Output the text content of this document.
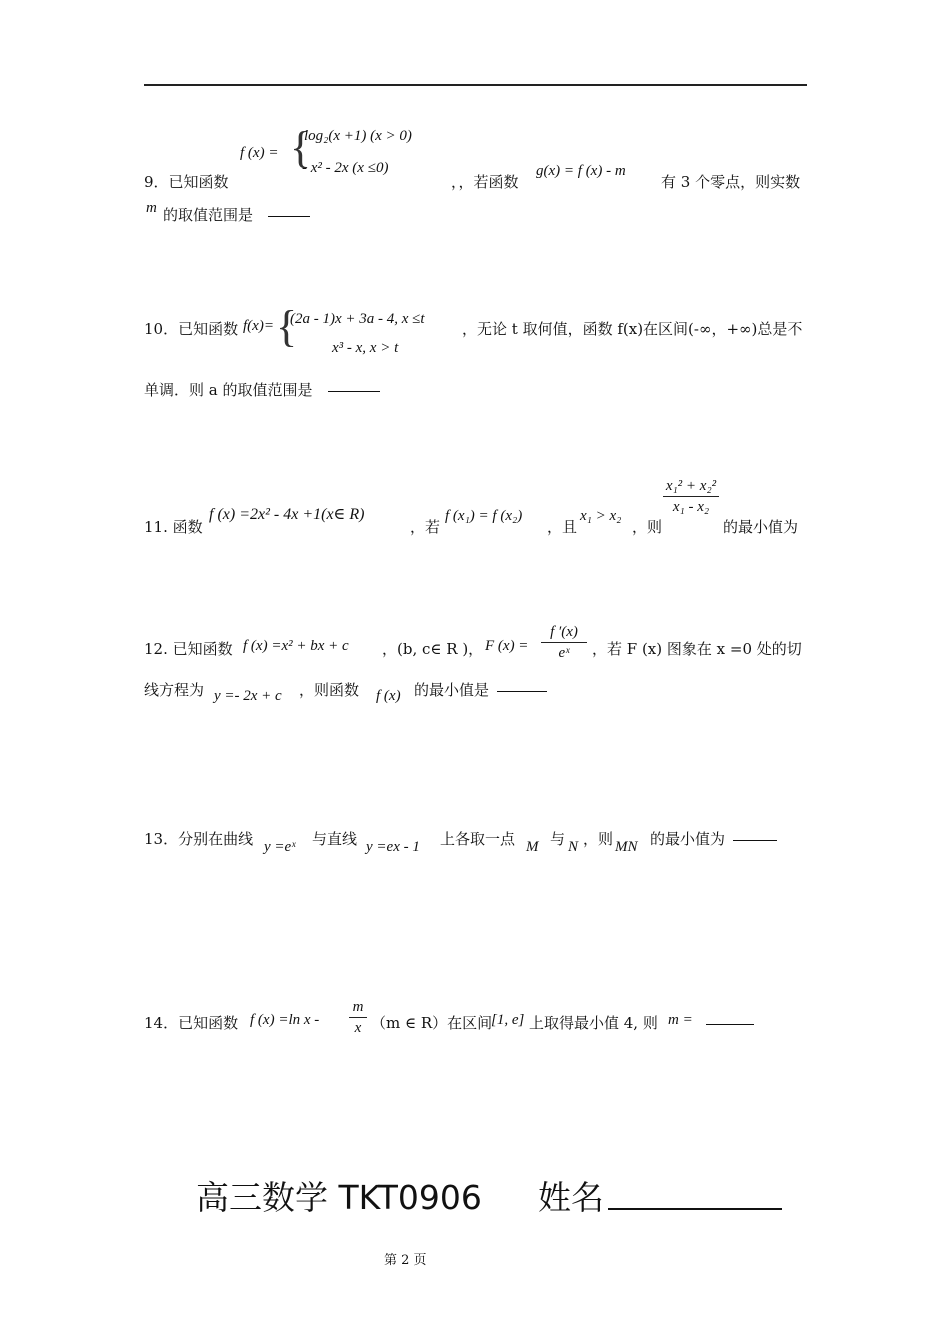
9．已知函数
f (x) = {
log₂(x +1) (x > 0)
- x² - 2x (x ≤0)
，，若函数
g(x) = f (x) - m
有 3 个零点，则实数
m 的取值范围是
10．已知函数 f(x)= {
(2a - 1)x + 3a - 4, x ≤t
x³ - x, x > t
，无论 t 取何值，函数 f(x)在区间(-∞，+∞)总是不
单调．则 a 的取值范围是
11. 函数
f (x) =2x² - 4x +1(x∈ R)
，若
f (x₁) = f (x₂)
，且
x₁ > x₂
，则
$\frac{\text{x₁² + x₂²}}{\text{x₁ - x₂}}$
的最小值为
12. 已知函数 f (x) =x² + bx + c ，(b, c∈ R )， F $(x) = \frac{f '(x)}{\text{eˣ}}$ ，若 F (x) 图象在 x =0 处的切
线方程为 y =- 2x + c ，则函数 f (x) 的最小值是
13．分别在曲线 y =eˣ 与直线 y =ex - 1 上各取一点 M 与 N ，则 MN 的最小值为
14．已知函数 f (x) =ln x - $\frac{m}{x} (m$ ∈ R）在区间
[1, e] 上取得最小值 4, 则 m =
高三数学 TKT0906 姓名
第 2 页
